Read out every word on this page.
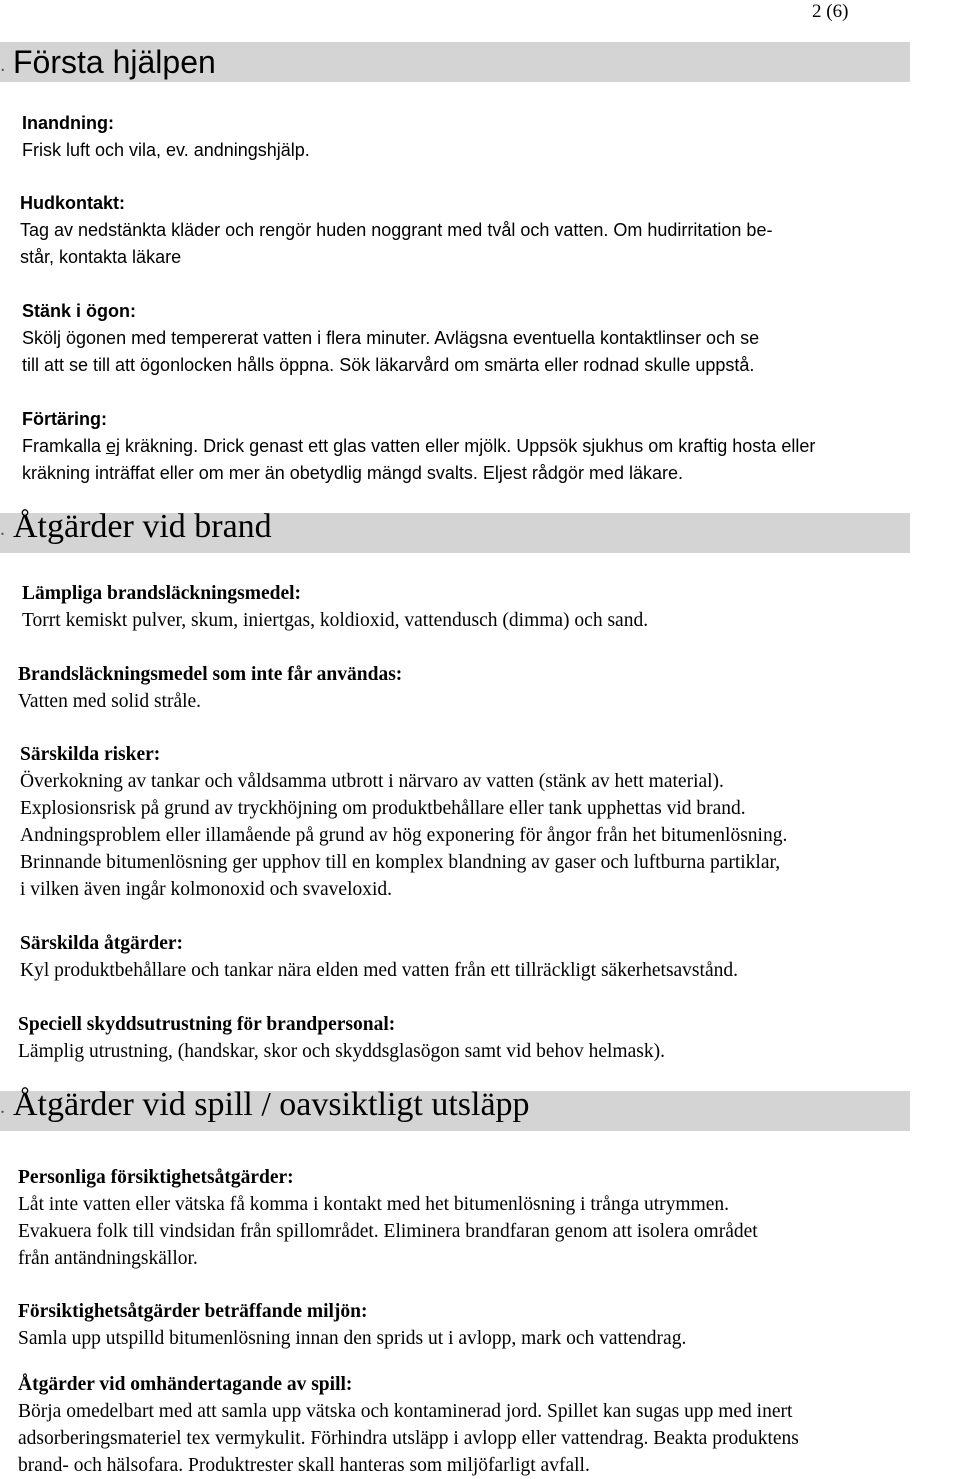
2 (6)
. Första hjälpen
Inandning:
Frisk luft och vila, ev. andningshjälp.
Hudkontakt:
Tag av nedstänkta kläder och rengör huden noggrant med tvål och vatten. Om hudirritation be-
står, kontakta läkare
Stänk i ögon:
Skölj ögonen med tempererat vatten i flera minuter. Avlägsna eventuella kontaktlinser och se
till att se till att ögonlocken hålls öppna. Sök läkarvård om smärta eller rodnad skulle uppstå.
Förtäring:
Framkalla ej kräkning. Drick genast ett glas vatten eller mjölk. Uppsök sjukhus om kraftig hosta eller
kräkning inträffat eller om mer än obetydlig mängd svalts. Eljest rådgör med läkare.
. Åtgärder vid brand
Lämpliga brandsläckningsmedel:
Torrt kemiskt pulver, skum, iniertgas, koldioxid, vattendusch (dimma) och sand.
Brandsläckningsmedel som inte får användas:
Vatten med solid stråle.
Särskilda risker:
Överkokning av tankar och våldsamma utbrott i närvaro av vatten (stänk av hett material).
Explosionsrisk på grund av tryckhöjning om produktbehållare eller tank upphettas vid brand.
Andningsproblem eller illamående på grund av hög exponering för ångor från het bitumenlösning.
Brinnande bitumenlösning ger upphov till en komplex blandning av gaser och luftburna partiklar,
i vilken även ingår kolmonoxid och svaveloxid.
Särskilda åtgärder:
Kyl produktbehållare och tankar nära elden med vatten från ett tillräckligt säkerhetsavstånd.
Speciell skyddsutrustning för brandpersonal:
Lämplig utrustning, (handskar, skor och skyddsglasögon samt vid behov helmask).
. Åtgärder vid spill / oavsiktligt utsläpp
Personliga försiktighetsåtgärder:
Låt inte vatten eller vätska få komma i kontakt med het bitumenlösning i trånga utrymmen.
Evakuera folk till vindsidan från spillområdet. Eliminera brandfaran genom att isolera området
från antändningskällor.
Försiktighetsåtgärder beträffande miljön:
Samla upp utspilld bitumenlösning innan den sprids ut i avlopp, mark och vattendrag.
Åtgärder vid omhändertagande av spill:
Börja omedelbart med att samla upp vätska och kontaminerad jord. Spillet kan sugas upp med inert
adsorberingsmateriel tex vermykulit. Förhindra utsläpp i avlopp eller vattendrag. Beakta produktens
brand- och hälsofara. Produktrester skall hanteras som miljöfarligt avfall.
